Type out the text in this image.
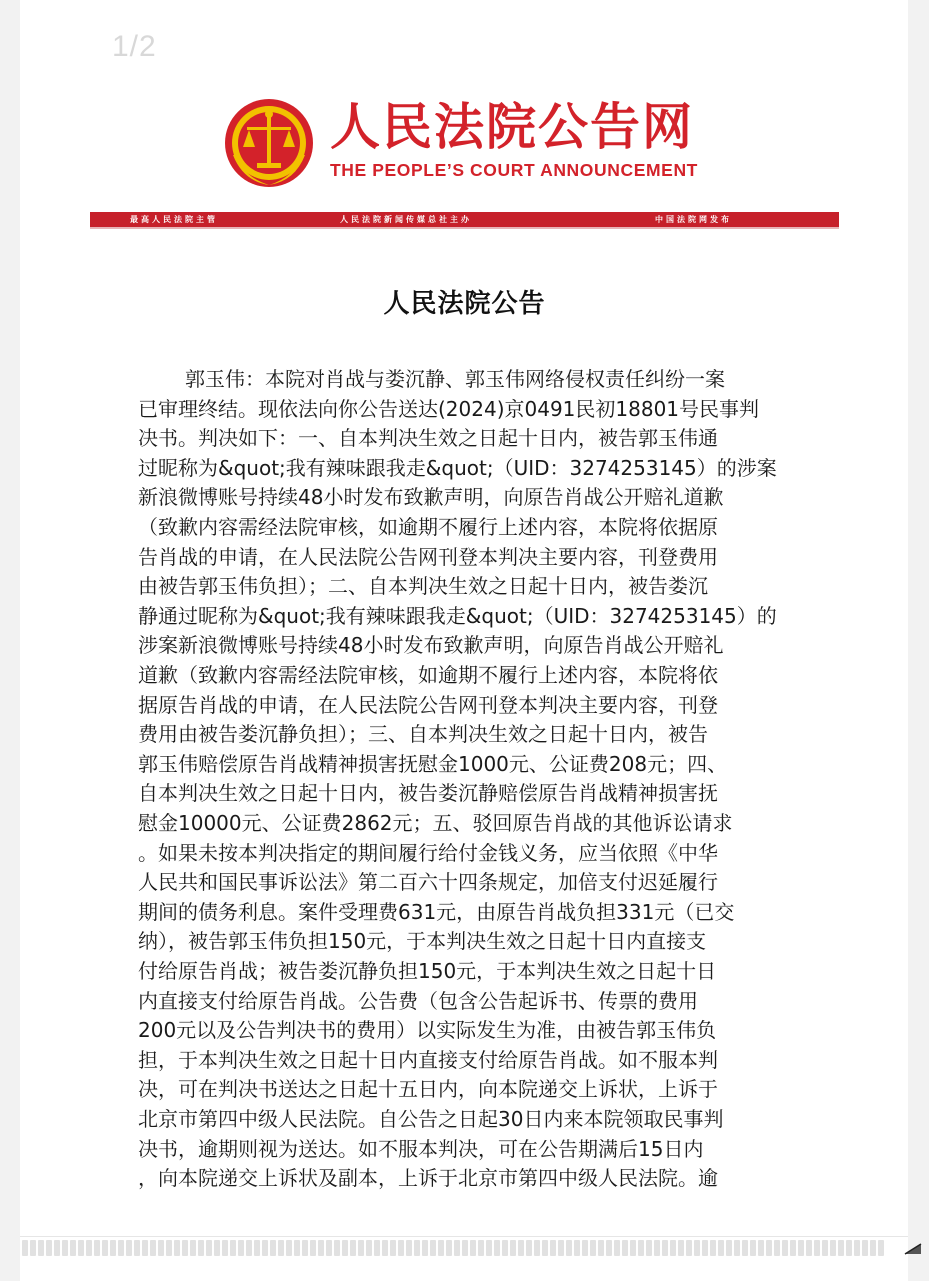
1/2
人民法院公告网
THE PEOPLE’S COURT ANNOUNCEMENT
最高人民法院主管	人民法院新闻传媒总社主办	中国法院网发布
人民法院公告
郭玉伟：本院对肖战与娄沉静、郭玉伟网络侵权责任纠纷一案
已审理终结。现依法向你公告送达(2024)京0491民初18801号民事判
决书。判决如下：一、自本判决生效之日起十日内，被告郭玉伟通
过昵称为&quot;我有辣味跟我走&quot;（UID：3274253145）的涉案
新浪微博账号持续48小时发布致歉声明，向原告肖战公开赔礼道歉
（致歉内容需经法院审核，如逾期不履行上述内容，本院将依据原
告肖战的申请，在人民法院公告网刊登本判决主要内容，刊登费用
由被告郭玉伟负担）；二、自本判决生效之日起十日内，被告娄沉
静通过昵称为&quot;我有辣味跟我走&quot;（UID：3274253145）的
涉案新浪微博账号持续48小时发布致歉声明，向原告肖战公开赔礼
道歉（致歉内容需经法院审核，如逾期不履行上述内容，本院将依
据原告肖战的申请，在人民法院公告网刊登本判决主要内容，刊登
费用由被告娄沉静负担）；三、自本判决生效之日起十日内，被告
郭玉伟赔偿原告肖战精神损害抚慰金1000元、公证费208元；四、
自本判决生效之日起十日内，被告娄沉静赔偿原告肖战精神损害抚
慰金10000元、公证费2862元；五、驳回原告肖战的其他诉讼请求
。如果未按本判决指定的期间履行给付金钱义务，应当依照《中华
人民共和国民事诉讼法》第二百六十四条规定，加倍支付迟延履行
期间的债务利息。案件受理费631元，由原告肖战负担331元（已交
纳），被告郭玉伟负担150元，于本判决生效之日起十日内直接支
付给原告肖战；被告娄沉静负担150元，于本判决生效之日起十日
内直接支付给原告肖战。公告费（包含公告起诉书、传票的费用
200元以及公告判决书的费用）以实际发生为准，由被告郭玉伟负
担，于本判决生效之日起十日内直接支付给原告肖战。如不服本判
决，可在判决书送达之日起十五日内，向本院递交上诉状，上诉于
北京市第四中级人民法院。自公告之日起30日内来本院领取民事判
决书，逾期则视为送达。如不服本判决，可在公告期满后15日内
，向本院递交上诉状及副本，上诉于北京市第四中级人民法院。逾
